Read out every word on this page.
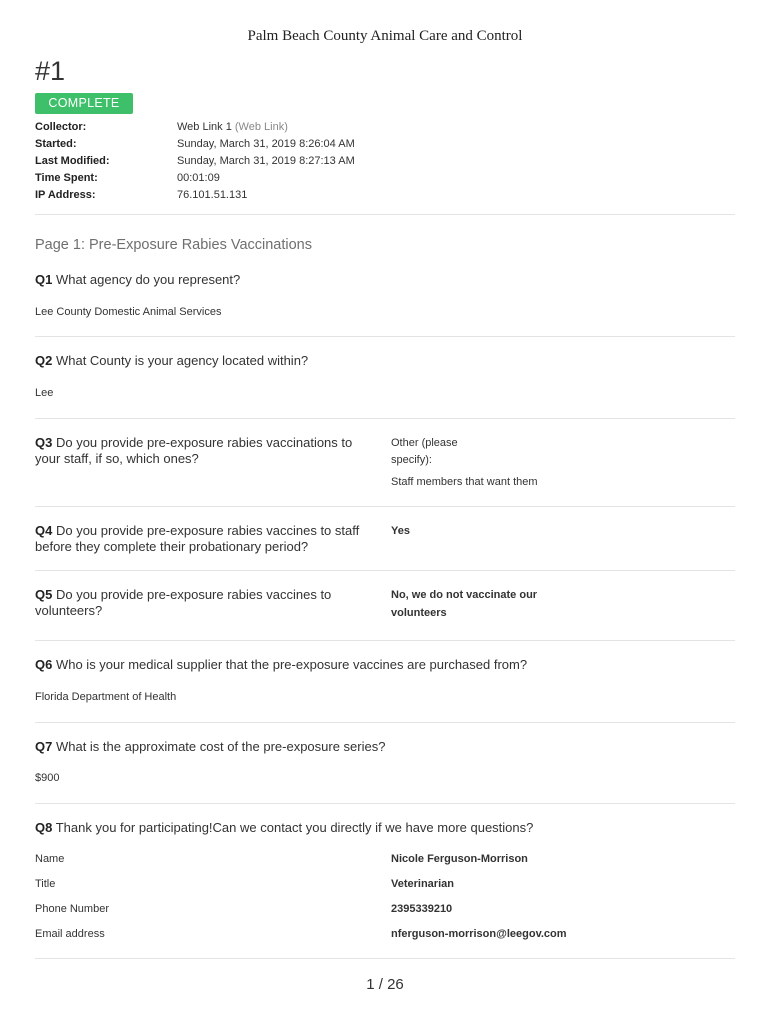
Palm Beach County Animal Care and Control
#1
COMPLETE
Collector:	Web Link 1 (Web Link)
Started:	Sunday, March 31, 2019 8:26:04 AM
Last Modified:	Sunday, March 31, 2019 8:27:13 AM
Time Spent:	00:01:09
IP Address:	76.101.51.131
Page 1: Pre-Exposure Rabies Vaccinations
Q1 What agency do you represent?
Lee County Domestic Animal Services
Q2 What County is your agency located within?
Lee
Q3 Do you provide pre-exposure rabies vaccinations to
your staff, if so, which ones?
Other (please
specify):
Staff members that want them
Q4 Do you provide pre-exposure rabies vaccines to staff
before they complete their probationary period?
Yes
Q5 Do you provide pre-exposure rabies vaccines to
volunteers?
No, we do not vaccinate our
volunteers
Q6 Who is your medical supplier that the pre-exposure vaccines are purchased from?
Florida Department of Health
Q7 What is the approximate cost of the pre-exposure series?
$900
Q8 Thank you for participating!Can we contact you directly if we have more questions?
Name	Nicole Ferguson-Morrison
Title	Veterinarian
Phone Number	2395339210
Email address	nferguson-morrison@leegov.com
1 / 26
